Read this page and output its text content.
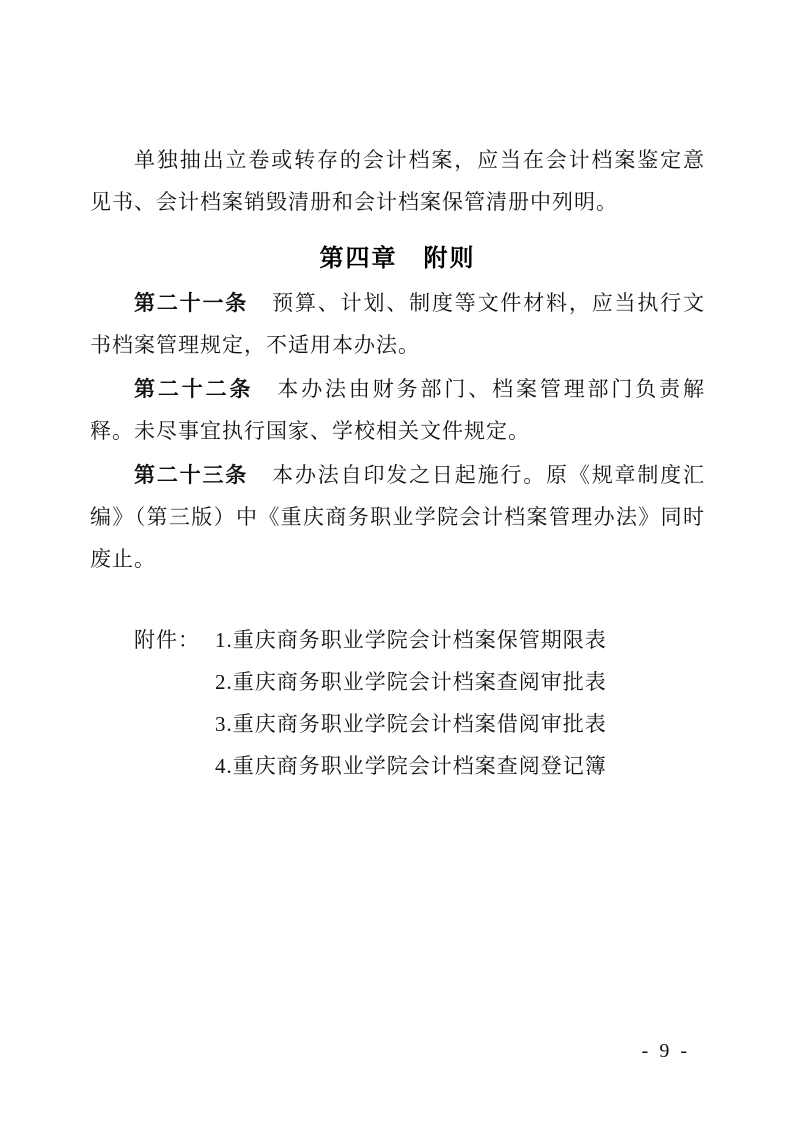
单独抽出立卷或转存的会计档案，应当在会计档案鉴定意见书、会计档案销毁清册和会计档案保管清册中列明。

第四章　附则

第二十一条 预算、计划、制度等文件材料，应当执行文书档案管理规定，不适用本办法。

第二十二条 本办法由财务部门、档案管理部门负责解释。未尽事宜执行国家、学校相关文件规定。

第二十三条 本办法自印发之日起施行。原《规章制度汇编》（第三版）中《重庆商务职业学院会计档案管理办法》同时废止。

附件： 1.重庆商务职业学院会计档案保管期限表

2.重庆商务职业学院会计档案查阅审批表

3.重庆商务职业学院会计档案借阅审批表

4.重庆商务职业学院会计档案查阅登记簿

- 9 -
